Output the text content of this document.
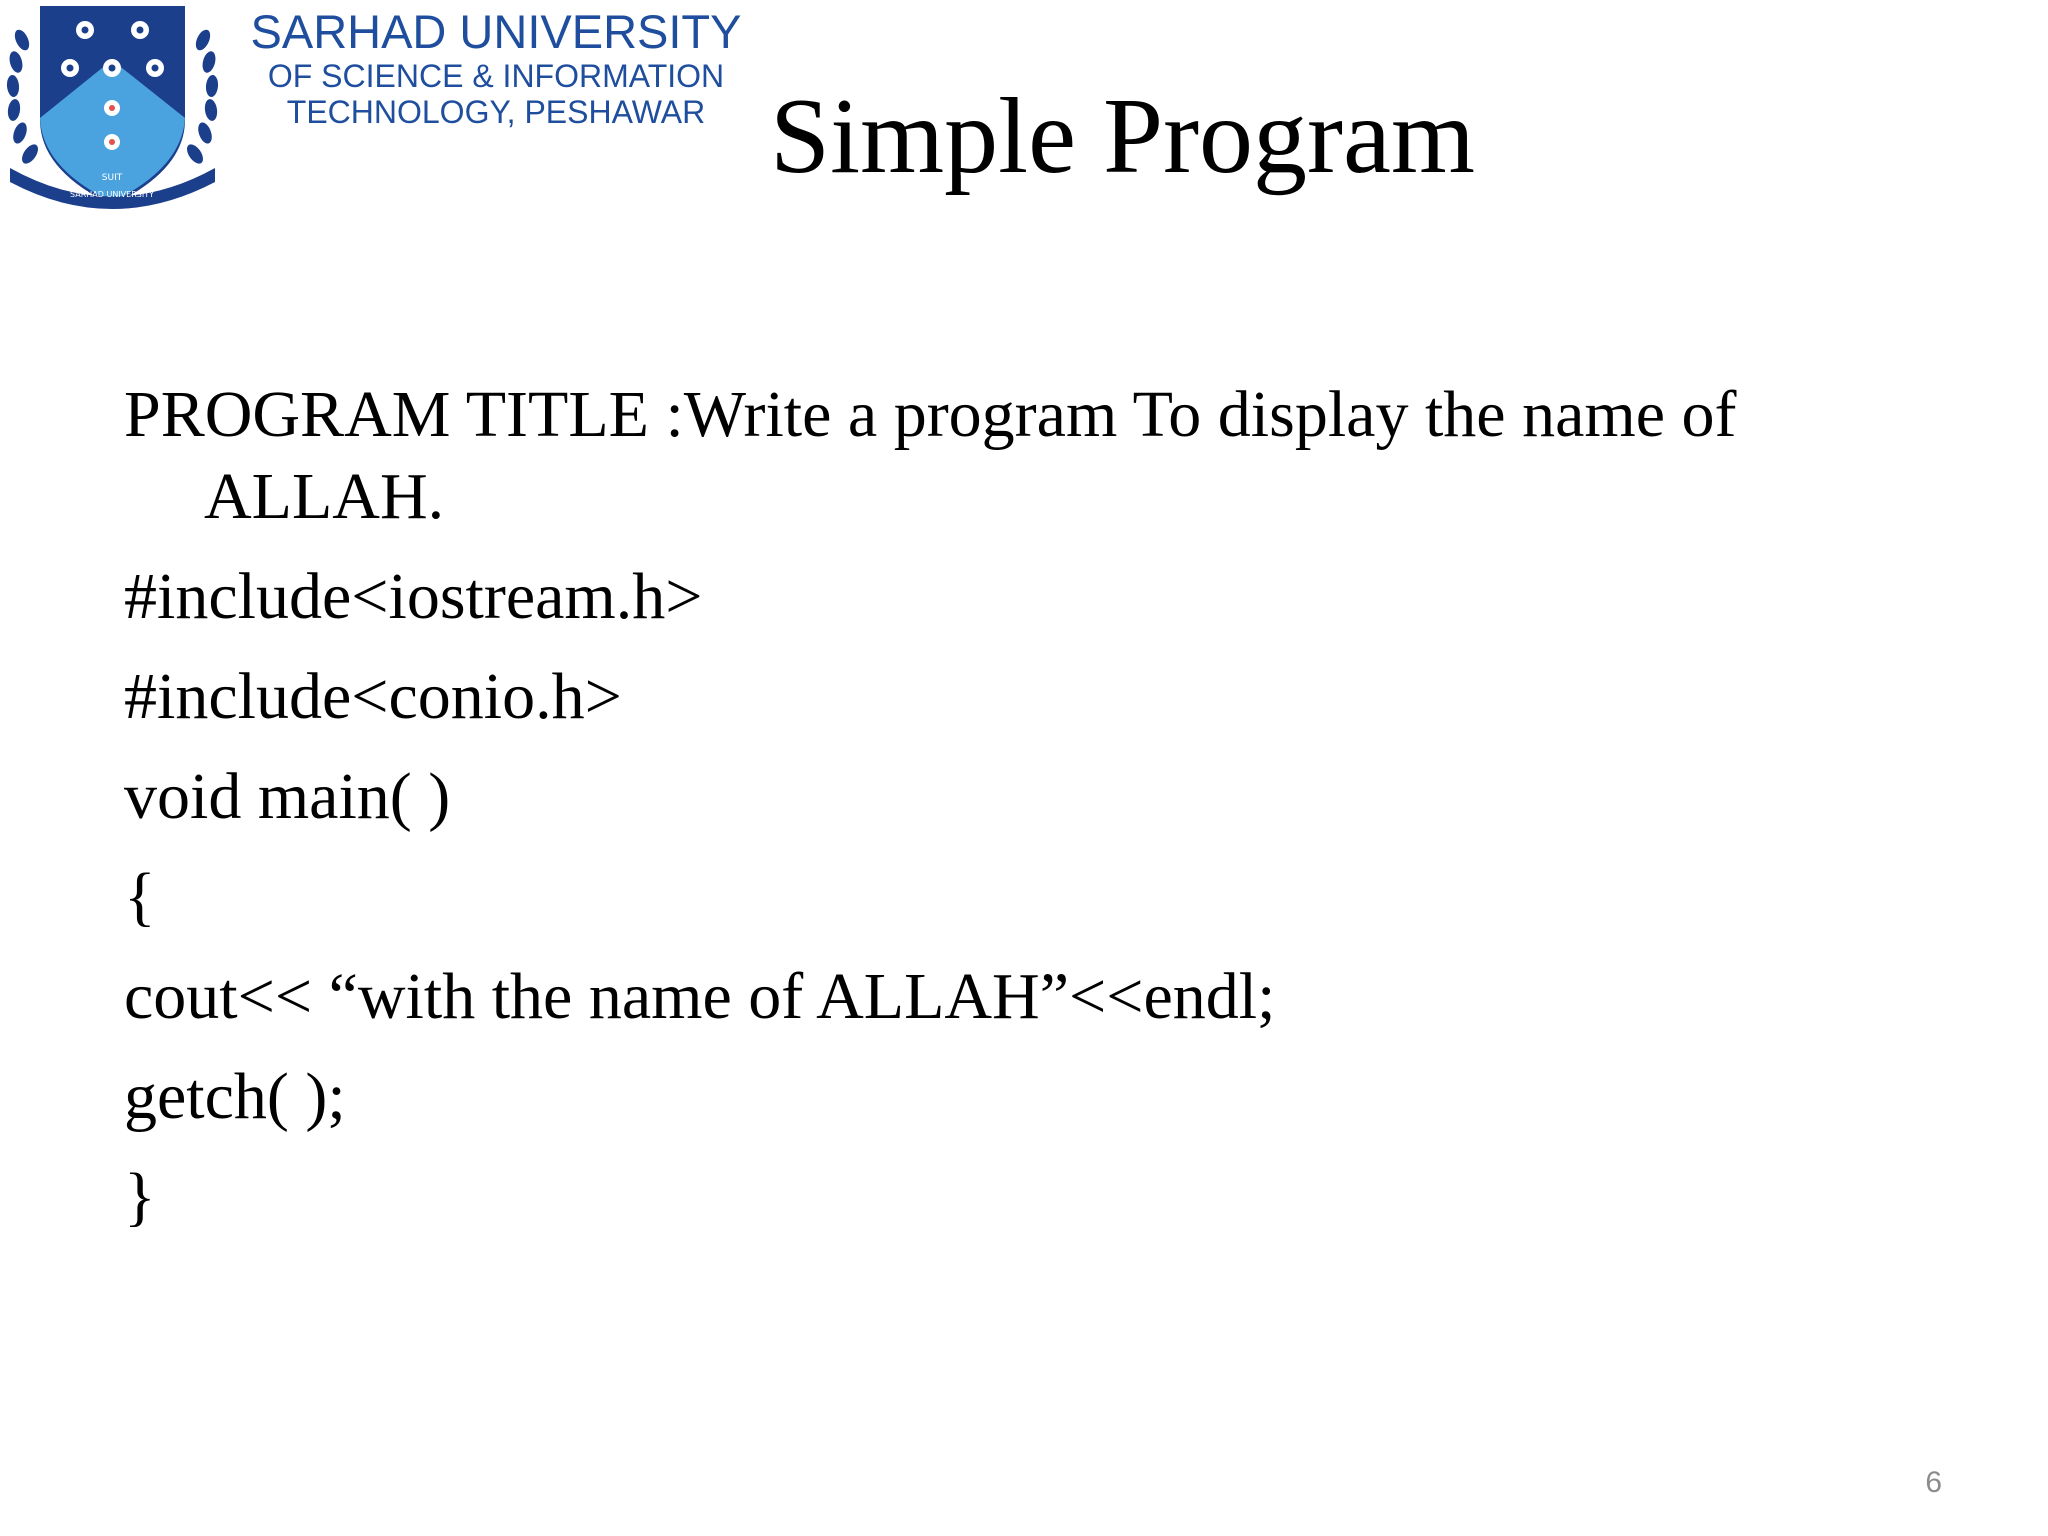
SUIT
SARHAD UNIVERSITY
SARHAD UNIVERSITY
OF SCIENCE & INFORMATION
TECHNOLOGY, PESHAWAR Simple Program

PROGRAM TITLE :Write a program To display the name of ALLAH.

#include<iostream.h>

#include<conio.h>

void main( )

{

cout<< “with the name of ALLAH”<<endl;

getch( );

}

6
